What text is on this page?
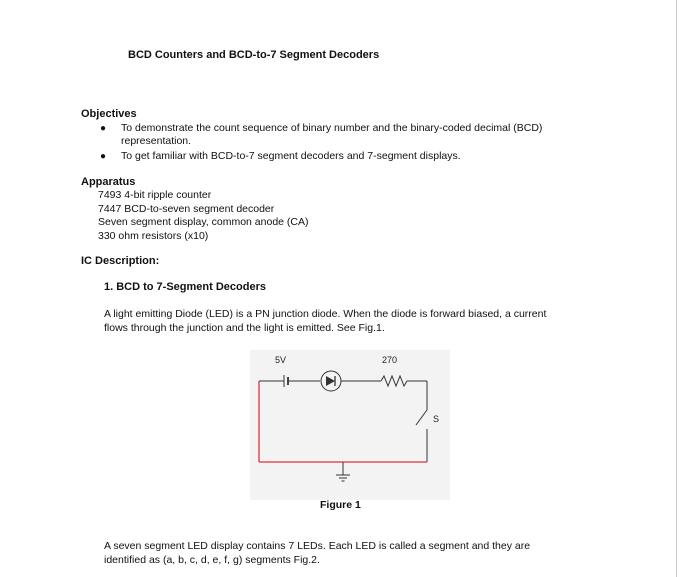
BCD Counters and BCD-to-7 Segment Decoders
Objectives
● To demonstrate the count sequence of binary number and the binary-coded decimal (BCD)
representation.
● To get familiar with BCD-to-7 segment decoders and 7-segment displays.
Apparatus
7493 4-bit ripple counter
7447 BCD-to-seven segment decoder
Seven segment display, common anode (CA)
330 ohm resistors (x10)
IC Description:
1. BCD to 7-Segment Decoders
A light emitting Diode (LED) is a PN junction diode. When the diode is forward biased, a current
flows through the junction and the light is emitted. See Fig.1.
5V	270
S
Figure 1
A seven segment LED display contains 7 LEDs. Each LED is called a segment and they are
identified as (a, b, c, d, e, f, g) segments Fig.2.
